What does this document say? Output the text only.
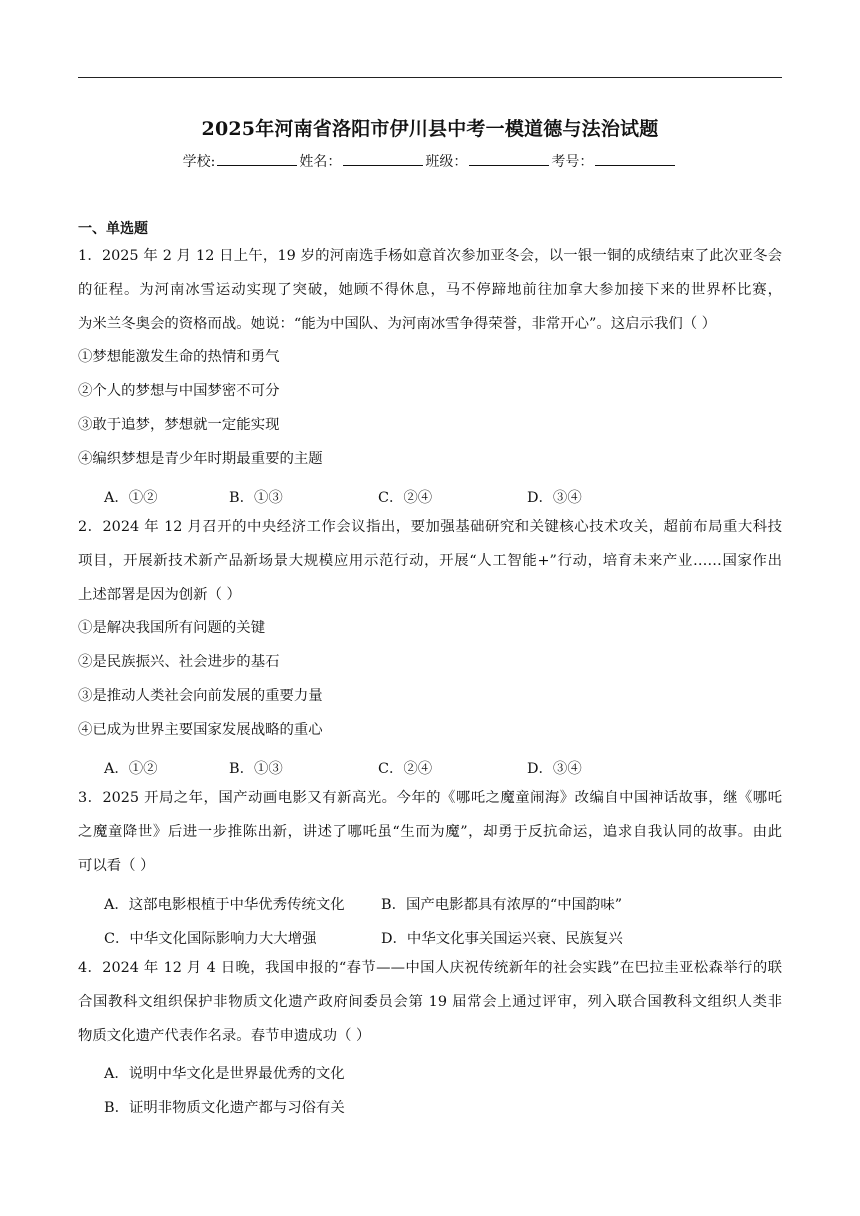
2025年河南省洛阳市伊川县中考一模道德与法治试题
学校:	姓名：	班级：	考号：
一、单选题
1．2025 年 2 月 12 日上午，19 岁的河南选手杨如意首次参加亚冬会，以一银一铜的成绩结束了此次亚冬会
的征程。为河南冰雪运动实现了突破，她顾不得休息，马不停蹄地前往加拿大参加接下来的世界杯比赛，
为米兰冬奥会的资格而战。她说：“能为中国队、为河南冰雪争得荣誉，非常开心”。这启示我们（ ）
①梦想能激发生命的热情和勇气
②个人的梦想与中国梦密不可分
③敢于追梦，梦想就一定能实现
④编织梦想是青少年时期最重要的主题
A．①②	B．①③	C．②④	D．③④
2．2024 年 12 月召开的中央经济工作会议指出，要加强基础研究和关键核心技术攻关，超前布局重大科技
项目，开展新技术新产品新场景大规模应用示范行动，开展“人工智能+”行动，培育未来产业……国家作出
上述部署是因为创新（ ）
①是解决我国所有问题的关键
②是民族振兴、社会进步的基石
③是推动人类社会向前发展的重要力量
④已成为世界主要国家发展战略的重心
A．①②	B．①③	C．②④	D．③④
3．2025 开局之年，国产动画电影又有新高光。今年的《哪吒之魔童闹海》改编自中国神话故事，继《哪吒
之魔童降世》后进一步推陈出新，讲述了哪吒虽“生而为魔”，却勇于反抗命运，追求自我认同的故事。由此
可以看（ ）
A．这部电影根植于中华优秀传统文化	B．国产电影都具有浓厚的“中国韵味”
C．中华文化国际影响力大大增强	D．中华文化事关国运兴衰、民族复兴
4．2024 年 12 月 4 日晚，我国申报的“春节——中国人庆祝传统新年的社会实践”在巴拉圭亚松森举行的联
合国教科文组织保护非物质文化遗产政府间委员会第 19 届常会上通过评审，列入联合国教科文组织人类非
物质文化遗产代表作名录。春节申遗成功（ ）
A．说明中华文化是世界最优秀的文化
B．证明非物质文化遗产都与习俗有关
